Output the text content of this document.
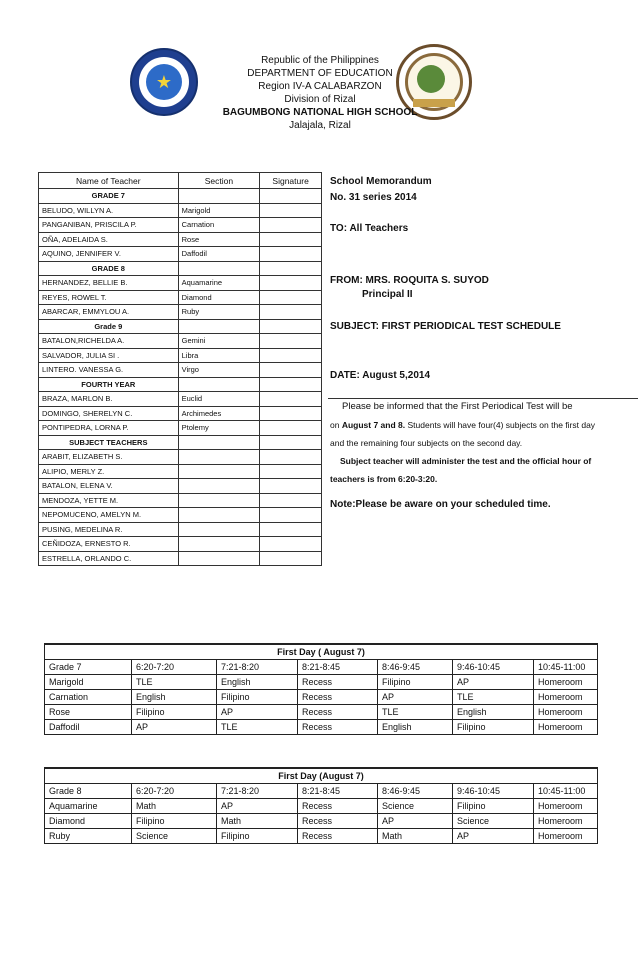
★
Republic of the Philippines
DEPARTMENT OF EDUCATION
Region IV-A CALABARZON
Division of Rizal
BAGUMBONG NATIONAL HIGH SCHOOL
Jalajala, Rizal
Name of Teacher	Section	Signature
GRADE 7		
BELUDO, WILLYN A.	Marigold	
PANGANIBAN, PRISCILA P.	Carnation	
OÑA, ADELAIDA S.	Rose	
AQUINO, JENNIFER V.	Daffodil	
GRADE 8		
HERNANDEZ, BELLIE B.	Aquamarine	
REYES, ROWEL T.	Diamond	
ABARCAR, EMMYLOU A.	Ruby	
Grade 9		
BATALON,RICHELDA A.	Gemini	
SALVADOR, JULIA SI .	Libra	
LINTERO. VANESSA G.	Virgo	
FOURTH YEAR		
BRAZA, MARLON B.	Euclid	
DOMINGO, SHERELYN C.	Archimedes	
PONTIPEDRA, LORNA P.	Ptolemy	
SUBJECT TEACHERS		
ARABIT, ELIZABETH S.		
ALIPIO, MERLY Z.		
BATALON, ELENA V.		
MENDOZA, YETTE M.		
NEPOMUCENO, AMELYN M.		
PUSING, MEDELINA R.		
CEÑIDOZA, ERNESTO R.		
ESTRELLA, ORLANDO C.		
School Memorandum
No. 31 series 2014
TO: All Teachers
FROM: MRS. ROQUITA S. SUYOD
Principal II
SUBJECT: FIRST PERIODICAL TEST SCHEDULE
DATE: August 5,2014
Please be informed that the First Periodical Test will be
on August 7 and 8. Students will have four(4) subjects on the first day
and the remaining four subjects on the second day.
Subject teacher will administer the test and the official hour of
teachers is from 6:20-3:20.
Note:Please be aware on your scheduled time.
First Day ( August 7)						
Grade 7	6:20-7:20	7:21-8:20	8:21-8:45	8:46-9:45	9:46-10:45	10:45-11:00
Marigold	TLE	English	Recess	Filipino	AP	Homeroom
Carnation	English	Filipino	Recess	AP	TLE	Homeroom
Rose	Filipino	AP	Recess	TLE	English	Homeroom
Daffodil	AP	TLE	Recess	English	Filipino	Homeroom
First Day (August 7)						
Grade 8	6:20-7:20	7:21-8:20	8:21-8:45	8:46-9:45	9:46-10:45	10:45-11:00
Aquamarine	Math	AP	Recess	Science	Filipino	Homeroom
Diamond	Filipino	Math	Recess	AP	Science	Homeroom
Ruby	Science	Filipino	Recess	Math	AP	Homeroom
